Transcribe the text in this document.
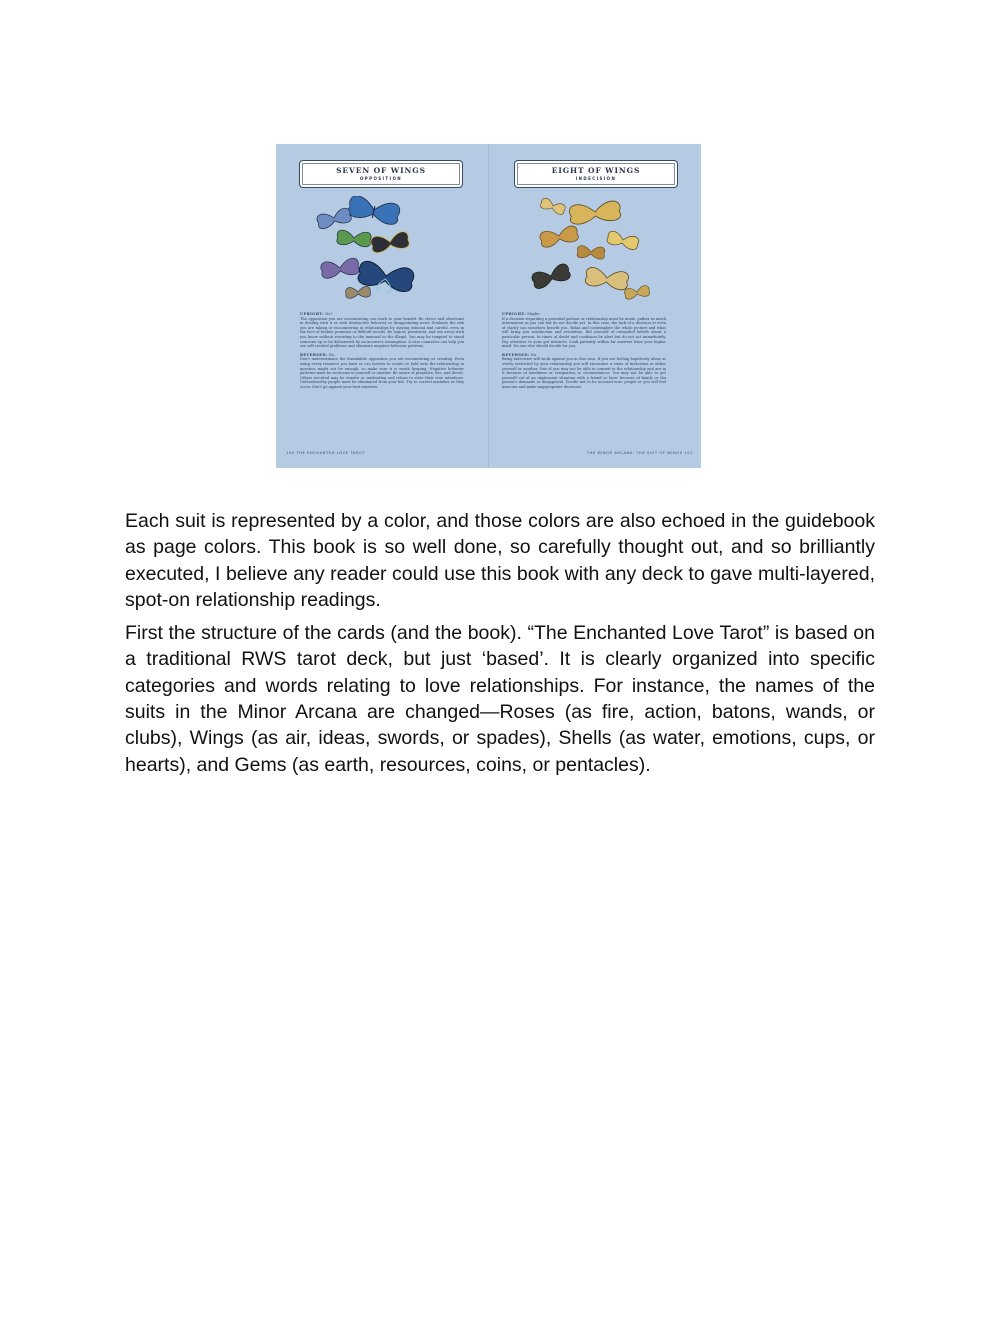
SEVEN OF WINGS
OPPOSITION

UPRIGHT: No!
The opposition you are encountering can work to your benefit. Be clever and observant in dealing with it or with destructive behavior or disappointing news. Evaluate the risk you are taking or encountering in relationships by staying rational and careful, even in the face of broken promises or difficult moods. Be logical, persistent, and use every trick you know without resorting to the immoral or the illegal. You may be tempted to stand someone up or be dishonored by an incorrect assumption. A wise counselor can help you see self-created problems and eliminate negative behavior patterns.

REVERSED: No.
Don't underestimate the formidable opposition you are encountering or creating. Even using every resource you have or can borrow to create or hold onto the relationship in question might not be enough, so make sure it is worth keeping. Negative behavior patterns must be overcome in yourself or another. Be aware of prejudice, lies, and deceit. Others involved may be evasive or misleading and refuse to state their true intentions. Untrustworthy people must be eliminated from your life. Try to correct mistakes as they occur. Don't go against your best interests.

100 THE ENCHANTED LOVE TAROT
EIGHT OF WINGS
INDECISION

UPRIGHT: Maybe.
If a decision regarding a potential partner or relationship must be made, gather as much information as you can but do not decide yet. In this case, the lack of a decision or even of clarity can somehow benefit you. Relax and contemplate the whole picture and what will bring you satisfaction and resolution. Rid yourself of outmoded beliefs about a particular person. In times of doubt and confusion be alert but do not act immediately. Pay attention to your gut instincts. Look patiently within for answers from your higher mind. No one else should decide for you.

REVERSED: No.
Being indecisive will work against you in this case. If you are feeling hopelessly alone or overly restricted by your relationship you will encounter a crisis of indecision in either yourself or another. One of you may not be able to commit to the relationship and are in it because of loneliness or resignation to circumstances. You may not be able to get yourself out of an unpleasant situation with a friend or lover because of family or the person's demands or disapproval. Decide not to be accused now: people or you will feel insecure and make inappropriate decisions.

THE MINOR ARCANA: THE SUIT OF WINGS 101

Each suit is represented by a color, and those colors are also echoed in the guidebook as page colors. This book is so well done, so carefully thought out, and so brilliantly executed, I believe any reader could use this book with any deck to gave multi-layered, spot-on relationship readings.

First the structure of the cards (and the book). “The Enchanted Love Tarot” is based on a traditional RWS tarot deck, but just ‘based’. It is clearly organized into specific categories and words relating to love relationships. For instance, the names of the suits in the Minor Arcana are changed—Roses (as fire, action, batons, wands, or clubs), Wings (as air, ideas, swords, or spades), Shells (as water, emotions, cups, or hearts), and Gems (as earth, resources, coins, or pentacles).
